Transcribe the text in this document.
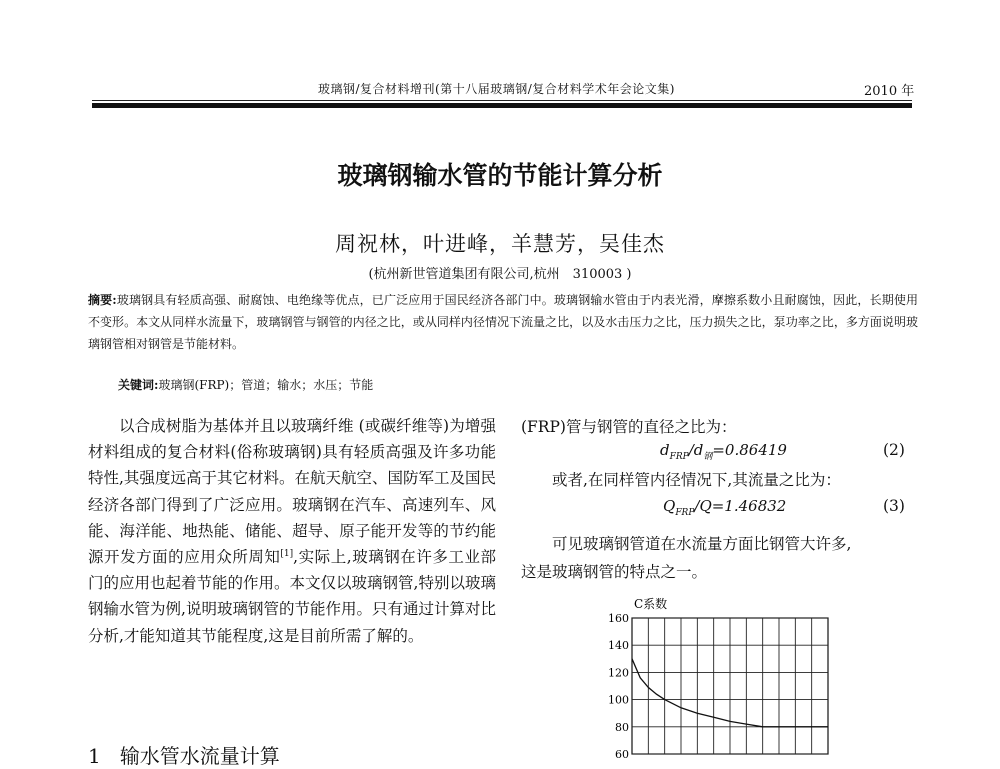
玻璃钢/复合材料增刊(第十八届玻璃钢/复合材料学术年会论文集)	2010 年
玻璃钢输水管的节能计算分析
周祝林，叶进峰，羊慧芳，吴佳杰
(杭州新世管道集团有限公司,杭州　310003 )
摘要:玻璃钢具有轻质高强、耐腐蚀、电绝缘等优点，已广泛应用于国民经济各部门中。玻璃钢输水管由于内表光滑，摩擦系数小且耐腐蚀，因此，长期使用不变形。本文从同样水流量下，玻璃钢管与钢管的内径之比，或从同样内径情况下流量之比，以及水击压力之比，压力损失之比，泵功率之比，多方面说明玻璃钢管相对钢管是节能材料。
关键词:玻璃钢(FRP)；管道；输水；水压；节能

以合成树脂为基体并且以玻璃纤维 (或碳纤维等)为增强材料组成的复合材料(俗称玻璃钢)具有轻质高强及许多功能特性,其强度远高于其它材料。在航天航空、国防军工及国民经济各部门得到了广泛应用。玻璃钢在汽车、高速列车、风能、海洋能、地热能、储能、超导、原子能开发等的节约能源开发方面的应用众所周知[1],实际上,玻璃钢在许多工业部门的应用也起着节能的作用。本文仅以玻璃钢管,特别以玻璃钢输水管为例,说明玻璃钢管的节能作用。只有通过计算对比分析,才能知道其节能程度,这是目前所需了解的。

1 输水管水流量计算
(FRP)管与钢管的直径之比为：
$d_{FRP}/d_钢=0.86419$	(2)
或者,在同样管内径情况下,其流量之比为：
$Q_{FRP}/Q=1.46832$	(3)
可见玻璃钢管道在水流量方面比钢管大许多,
这是玻璃钢管的特点之一。
C系数
160
140
120
100
80
60
